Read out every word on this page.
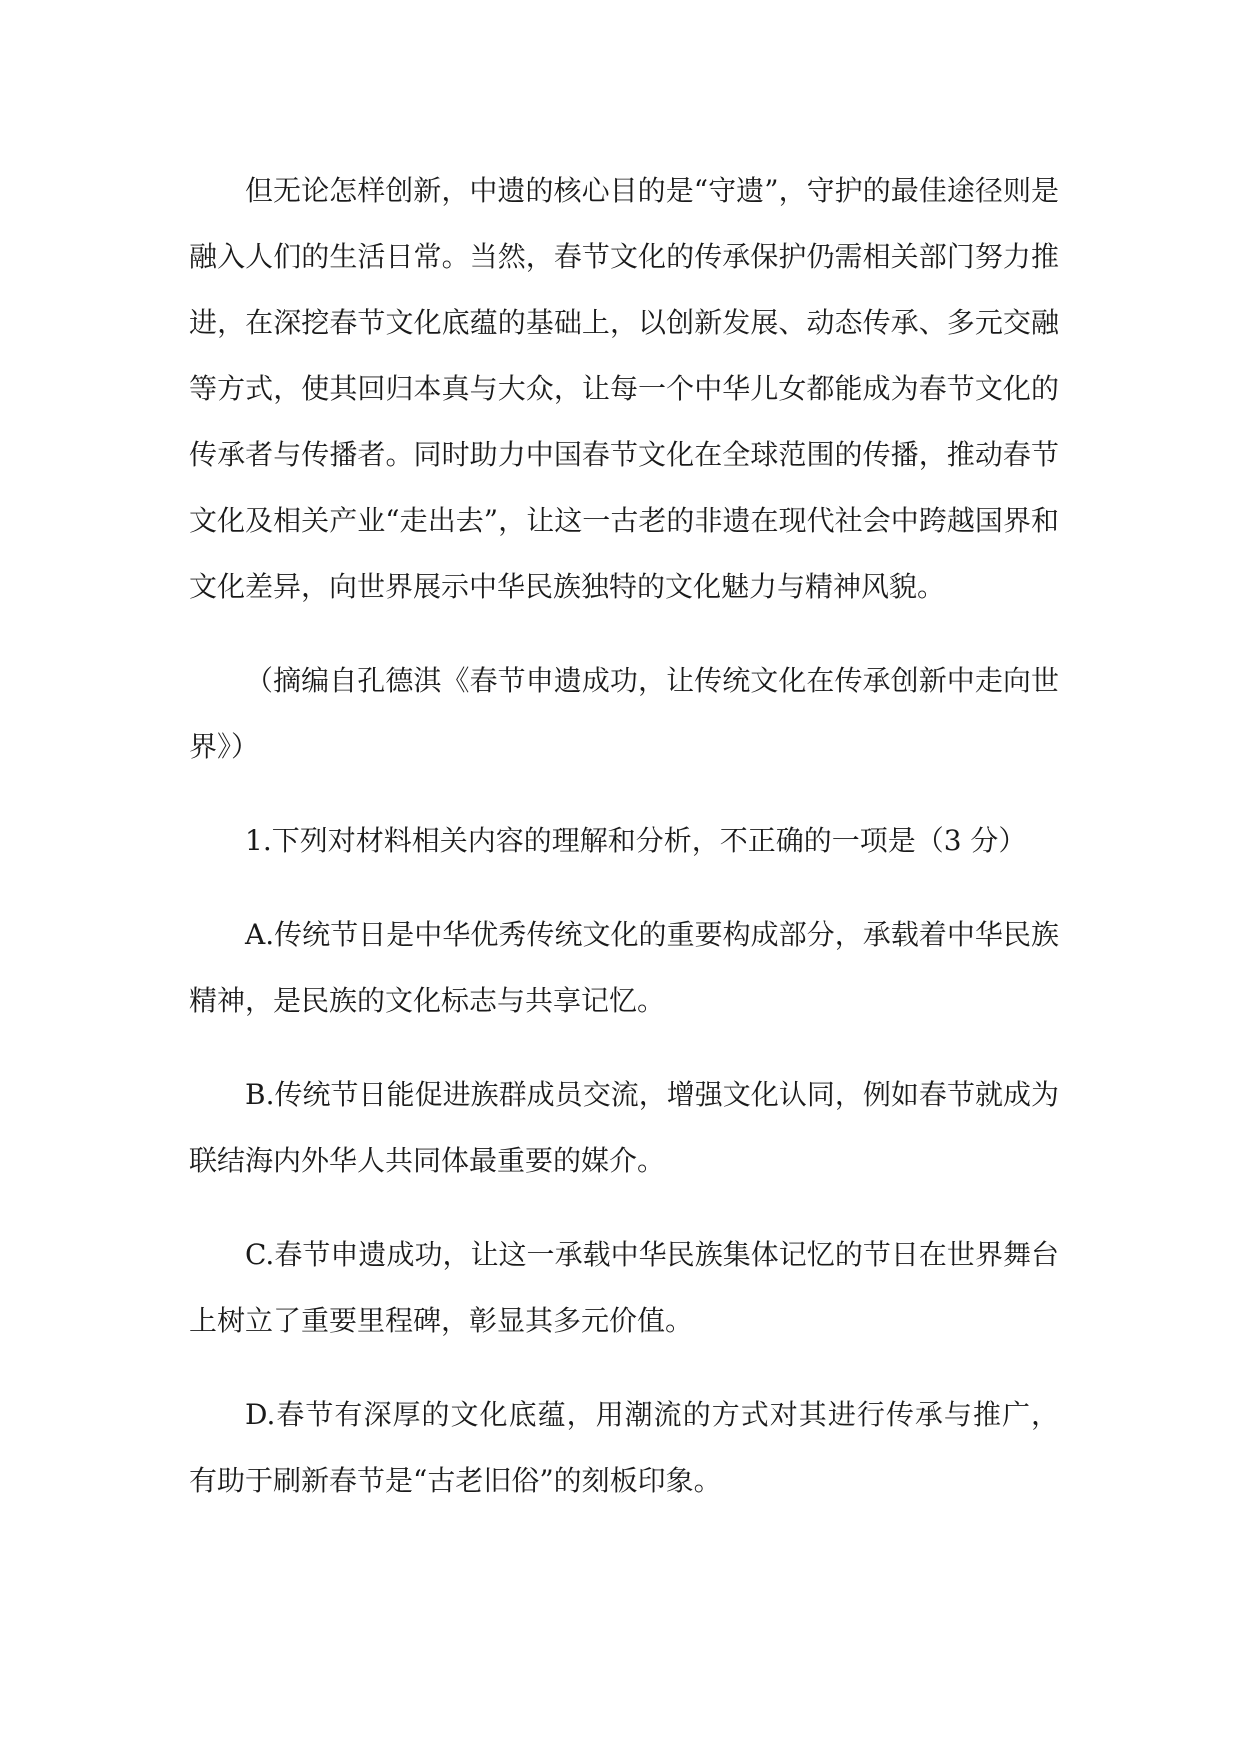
但无论怎样创新，中遗的核心目的是“守遗”，守护的最佳途径则是融入人们的生活日常。当然，春节文化的传承保护仍需相关部门努力推进，在深挖春节文化底蕴的基础上，以创新发展、动态传承、多元交融等方式，使其回归本真与大众，让每一个中华儿女都能成为春节文化的传承者与传播者。同时助力中国春节文化在全球范围的传播，推动春节文化及相关产业“走出去”，让这一古老的非遗在现代社会中跨越国界和文化差异，向世界展示中华民族独特的文化魅力与精神风貌。

（摘编自孔德淇《春节申遗成功，让传统文化在传承创新中走向世界》）

1.下列对材料相关内容的理解和分析，不正确的一项是（3 分）

A.传统节日是中华优秀传统文化的重要构成部分，承载着中华民族精神，是民族的文化标志与共享记忆。

B.传统节日能促进族群成员交流，增强文化认同，例如春节就成为联结海内外华人共同体最重要的媒介。

C.春节申遗成功，让这一承载中华民族集体记忆的节日在世界舞台上树立了重要里程碑，彰显其多元价值。

D.春节有深厚的文化底蕴，用潮流的方式对其进行传承与推广，有助于刷新春节是“古老旧俗”的刻板印象。
